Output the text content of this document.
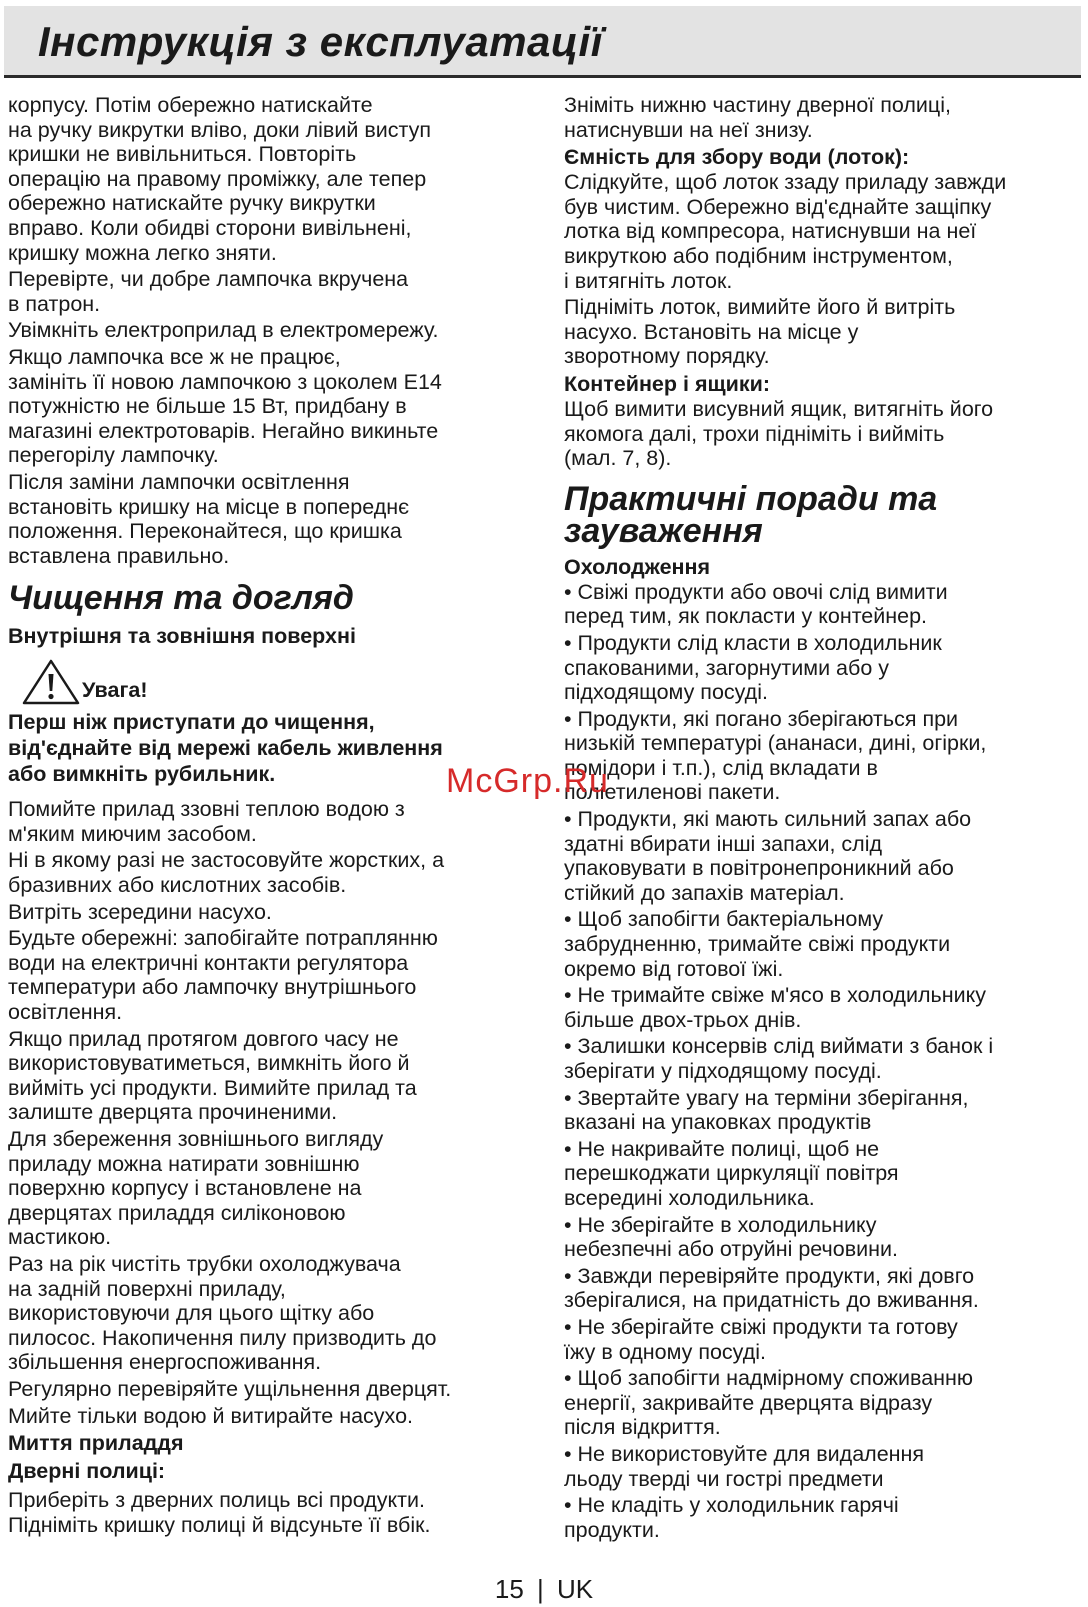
Інструкція з експлуатації
корпусу. Потім обережно натискайте
на ручку викрутки вліво, доки лівий виступ
кришки не вивільниться. Повторіть
операцію на правому проміжку, але тепер
обережно натискайте ручку викрутки
вправо. Коли обидві сторони вивільнені,
кришку можна легко зняти.
Перевірте, чи добре лампочка вкручена
в патрон.
Увімкніть електроприлад в електромережу.
Якщо лампочка все ж не працює,
замініть її новою лампочкою з цоколем Е14
потужністю не більше 15 Вт, придбану в
магазині електротоварів. Негайно викиньте
перегорілу лампочку.
Після заміни лампочки освітлення
встановіть кришку на місце в попереднє
положення. Переконайтеся, що кришка
вставлена правильно.
Чищення та догляд
Внутрішня та зовнішня поверхні
Увага!
Перш ніж приступати до чищення,
від'єднайте від мережі кабель живлення
або вимкніть рубильник.
Помийте прилад ззовні теплою водою з
м'яким миючим засобом.
Ні в якому разі не застосовуйте жорстких, а
бразивних або кислотних засобів.
Витріть зсередини насухо.
Будьте обережні: запобігайте потраплянню
води на електричні контакти регулятора
температури або лампочку внутрішнього
освітлення.
Якщо прилад протягом довгого часу не
використовуватиметься, вимкніть його й
вийміть усі продукти. Вимийте прилад та
залиште дверцята прочиненими.
Для збереження зовнішнього вигляду
приладу можна натирати зовнішню
поверхню корпусу і встановлене на
дверцятах приладдя силіконовою
мастикою.
Раз на рік чистіть трубки охолоджувача
на задній поверхні приладу,
використовуючи для цього щітку або
пилосос. Накопичення пилу призводить до
збільшення енергоспоживання.
Регулярно перевіряйте ущільнення дверцят.
Мийте тільки водою й витирайте насухо.
Миття приладдя
Дверні полиці:
Приберіть з дверних полиць всі продукти.
Підніміть кришку полиці й відсуньте її вбік.
Зніміть нижню частину дверної полиці,
натиснувши на неї знизу.
Ємність для збору води (лоток):
Слідкуйте, щоб лоток ззаду приладу завжди
був чистим. Обережно від'єднайте защіпку
лотка від компресора, натиснувши на неї
викруткою або подібним інструментом,
і витягніть лоток.
Підніміть лоток, вимийте його й витріть
насухо. Встановіть на місце у
зворотному порядку.
Контейнер і ящики:
Щоб вимити висувний ящик, витягніть його
якомога далі, трохи підніміть і вийміть
(мал. 7, 8).
Практичні поради та
зауваження
Охолодження
• Свіжі продукти або овочі слід вимити
перед тим, як покласти у контейнер.
• Продукти слід класти в холодильник
спакованими, загорнутими або у
підходящому посуді.
• Продукти, які погано зберігаються при
низькій температурі (ананаси, дині, огірки,
помідори і т.п.), слід вкладати в
поліетиленові пакети.
• Продукти, які мають сильний запах або
здатні вбирати інші запахи, слід
упаковувати в повітронепроникний або
стійкий до запахів матеріал.
• Щоб запобігти бактеріальному
забрудненню, тримайте свіжі продукти
окремо від готової їжі.
• Не тримайте свіже м'ясо в холодильнику
більше двох-трьох днів.
• Залишки консервів слід виймати з банок і
зберігати у підходящому посуді.
• Звертайте увагу на терміни зберігання,
вказані на упаковках продуктів
• Не накривайте полиці, щоб не
перешкоджати циркуляції повітря
всередині холодильника.
• Не зберігайте в холодильнику
небезпечні або отруйні речовини.
• Завжди перевіряйте продукти, які довго
зберігалися, на придатність до вживання.
• Не зберігайте свіжі продукти та готову
їжу в одному посуді.
• Щоб запобігти надмірному споживанню
енергії, закривайте дверцята відразу
після відкриття.
• Не використовуйте для видалення
льоду тверді чи гострі предмети
• Не кладіть у холодильник гарячі
продукти.
McGrp.Ru
15 | UK
